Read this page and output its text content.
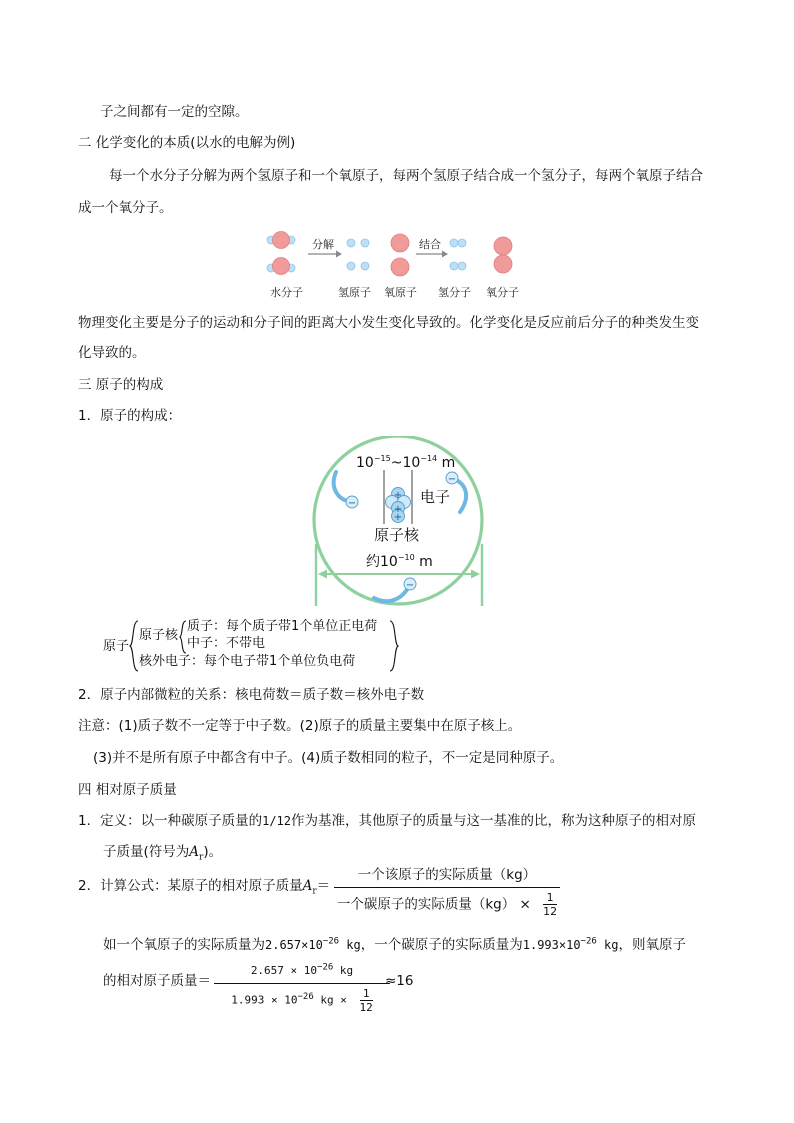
子之间都有一定的空隙。
二 化学变化的本质(以水的电解为例)
每一个水分子分解为两个氢原子和一个氧原子，每两个氢原子结合成一个氢分子，每两个氧原子结合
成一个氧分子。
分解	结合
水分子	氢原子 氧原子 氢分子 氧分子
物理变化主要是分子的运动和分子间的距离大小发生变化导致的。化学变化是反应前后分子的种类发生变
化导致的。
三 原子的构成
1．原子的构成：
+
+
+
−
−
−
$10^{-15}\sim 10^{-14}$ m
电子
原子核
约$10^{-10}$ m
原子
原子核
质子：每个质子带1个单位正电荷
中子：不带电
核外电子：每个电子带1个单位负电荷
2．原子内部微粒的关系：核电荷数＝质子数＝核外电子数
注意：(1)质子数不一定等于中子数。(2)原子的质量主要集中在原子核上。
(3)并不是所有原子中都含有中子。(4)质子数相同的粒子，不一定是同种原子。
四 相对原子质量
1．定义：以一种碳原子质量的1/12作为基准，其他原子的质量与这一基准的比，称为这种原子的相对原
子质量(符号为$A_r$)。
2．计算公式：某原子的相对原子质量$A_r=$
一个该原子的实际质量（kg）
一个碳原子的实际质量$(kg) \times \frac{1}{12}$
如一个氧原子的实际质量为$2.657\times 10^{-26}$ kg，一个碳原子的实际质量为$1.993\times 10^{-26}$ kg，则氧原子
的相对原子质量＝
$2.657 \times 10^{-26}$ kg
$1.993 \times 10^{-26}$ kg × $\frac{1}{12}$
≈16
